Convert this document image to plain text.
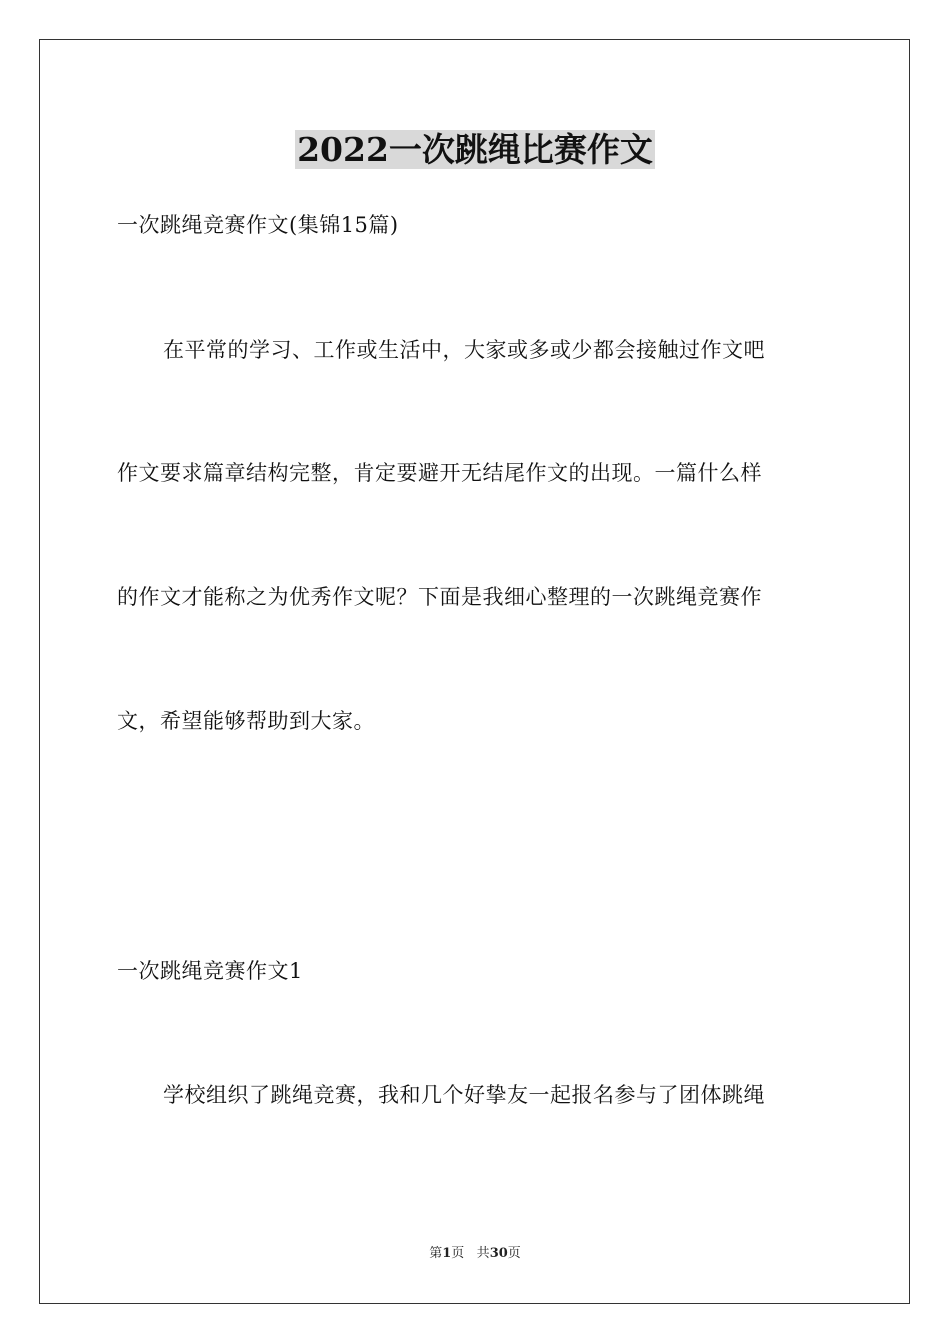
2022一次跳绳比赛作文

一次跳绳竞赛作文(集锦15篇)

在平常的学习、工作或生活中，大家或多或少都会接触过作文吧

作文要求篇章结构完整，肯定要避开无结尾作文的出现。一篇什么样

的作文才能称之为优秀作文呢？下面是我细心整理的一次跳绳竞赛作

文，希望能够帮助到大家。

一次跳绳竞赛作文1

学校组织了跳绳竞赛，我和几个好挚友一起报名参与了团体跳绳

第1页 共30页
